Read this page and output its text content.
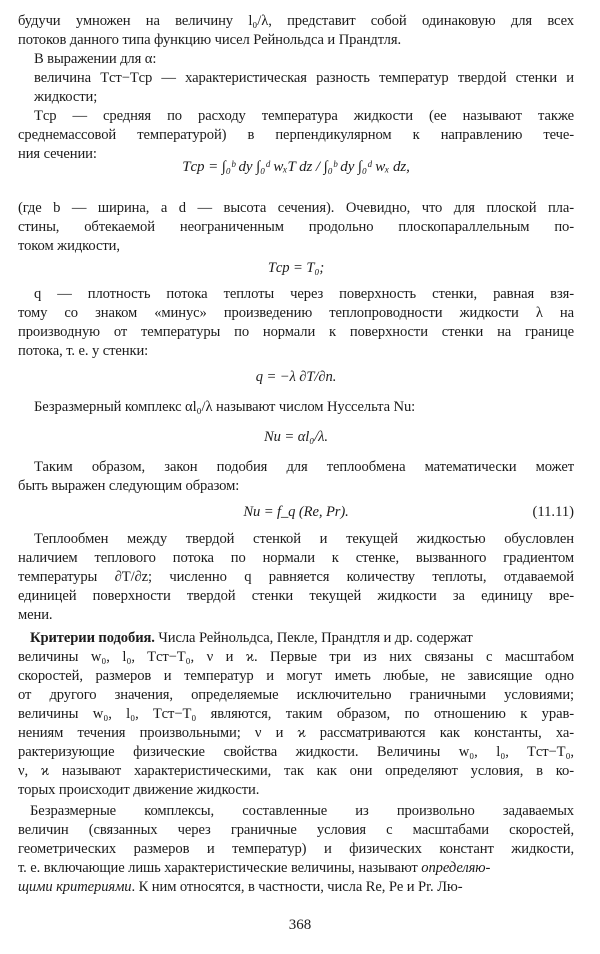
будучи умножен на величину l₀/λ, представит собой одинаковую для всех
потоков данного типа функцию чисел Рейнольдса и Прандтля.
В выражении для α:
величина Tст−Tср — характеристическая разность температур твердой стенки и жидкости;
Tср — средняя по расходу температура жидкости (ее называют также
среднемассовой температурой) в перпендикулярном к направлению тече-
ния сечении:
Tср = ∫₀ᵇ dy ∫₀ᵈ wₓT dz / ∫₀ᵇ dy ∫₀ᵈ wₓ dz,
(где b — ширина, а d — высота сечения). Очевидно, что для плоской пла-
стины, обтекаемой неограниченным продольно плоскопараллельным по-
током жидкости,
Tср = T₀;
q — плотность потока теплоты через поверхность стенки, равная взя-
тому со знаком «минус» произведению теплопроводности жидкости λ на
производную от температуры по нормали к поверхности стенки на границе
потока, т. е. у стенки:
q = −λ ∂T/∂n.
Безразмерный комплекс αl₀/λ называют числом Нуссельта Nu:
Nu = αl₀/λ.
Таким образом, закон подобия для теплообмена математически может
быть выражен следующим образом:
Nu = f_q (Re, Pr).	(11.11)
Теплообмен между твердой стенкой и текущей жидкостью обусловлен
наличием теплового потока по нормали к стенке, вызванного градиентом
температуры ∂T/∂z; численно q равняется количеству теплоты, отдаваемой
единицей поверхности твердой стенки текущей жидкости за единицу вре-
мени.
Критерии подобия. Числа Рейнольдса, Пекле, Прандтля и др. содержат
величины w₀, l₀, Tст−T₀, ν и ϰ. Первые три из них связаны с масштабом
скоростей, размеров и температур и могут иметь любые, не зависящие одно
от другого значения, определяемые исключительно граничными условиями;
величины w₀, l₀, Tст−T₀ являются, таким образом, по отношению к урав-
нениям течения произвольными; ν и ϰ рассматриваются как константы, ха-
рактеризующие физические свойства жидкости. Величины w₀, l₀, Tст−T₀,
ν, ϰ называют характеристическими, так как они определяют условия, в ко-
торых происходит движение жидкости.
Безразмерные комплексы, составленные из произвольно задаваемых
величин (связанных через граничные условия с масштабами скоростей,
геометрических размеров и температур) и физических констант жидкости,
т. е. включающие лишь характеристические величины, называют определяю-
щими критериями. К ним относятся, в частности, числа Re, Pe и Pr. Лю-
368
бые другие безразмерные комплексы, характеризующие течение жидкости,
являются функциями определяющих критериев.
Критерии подобия определяют относительное влияние как действующих
в потоке сил, так и происходящих в потоке процессов переноса (напомним,
что при течении вязкой теплопроводящей жидкости имеют место перенос
импульса вследствие вязкости и перенос теплоты за счет теплопроводности).
Критерии подобия устанавливают, далее, динамическое или кинематиче-
ское подобие, суть которого состоит в том, что при одинаковом значении со-
